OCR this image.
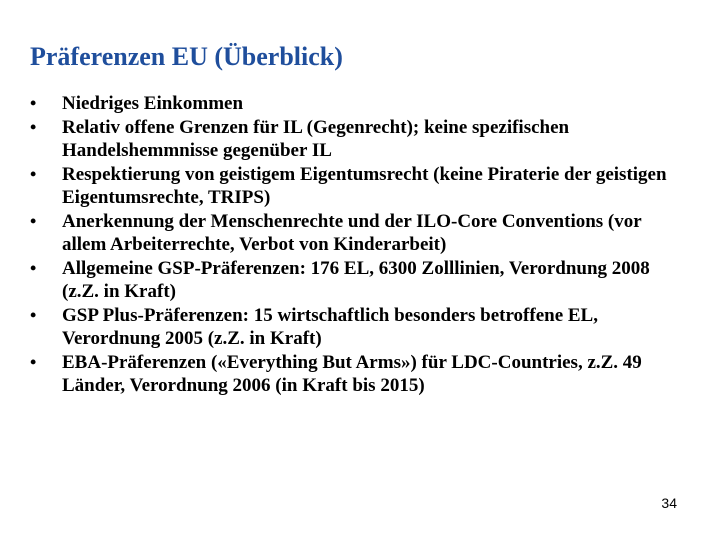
Präferenzen EU (Überblick)
•	Niedriges Einkommen
•	Relativ offene Grenzen für IL (Gegenrecht); keine spezifischen Handelshemmnisse gegenüber IL
•	Respektierung von geistigem Eigentumsrecht (keine Piraterie der geistigen Eigentumsrechte, TRIPS)
•	Anerkennung der Menschenrechte und der ILO-Core Conventions (vor allem Arbeiterrechte, Verbot von Kinderarbeit)
•	Allgemeine GSP-Präferenzen: 176 EL, 6300 Zolllinien, Verordnung 2008 (z.Z. in Kraft)
•	GSP Plus-Präferenzen: 15 wirtschaftlich besonders betroffene EL, Verordnung 2005 (z.Z. in Kraft)
•	EBA-Präferenzen («Everything But Arms») für LDC-Countries, z.Z. 49 Länder, Verordnung 2006 (in Kraft bis 2015)
34
